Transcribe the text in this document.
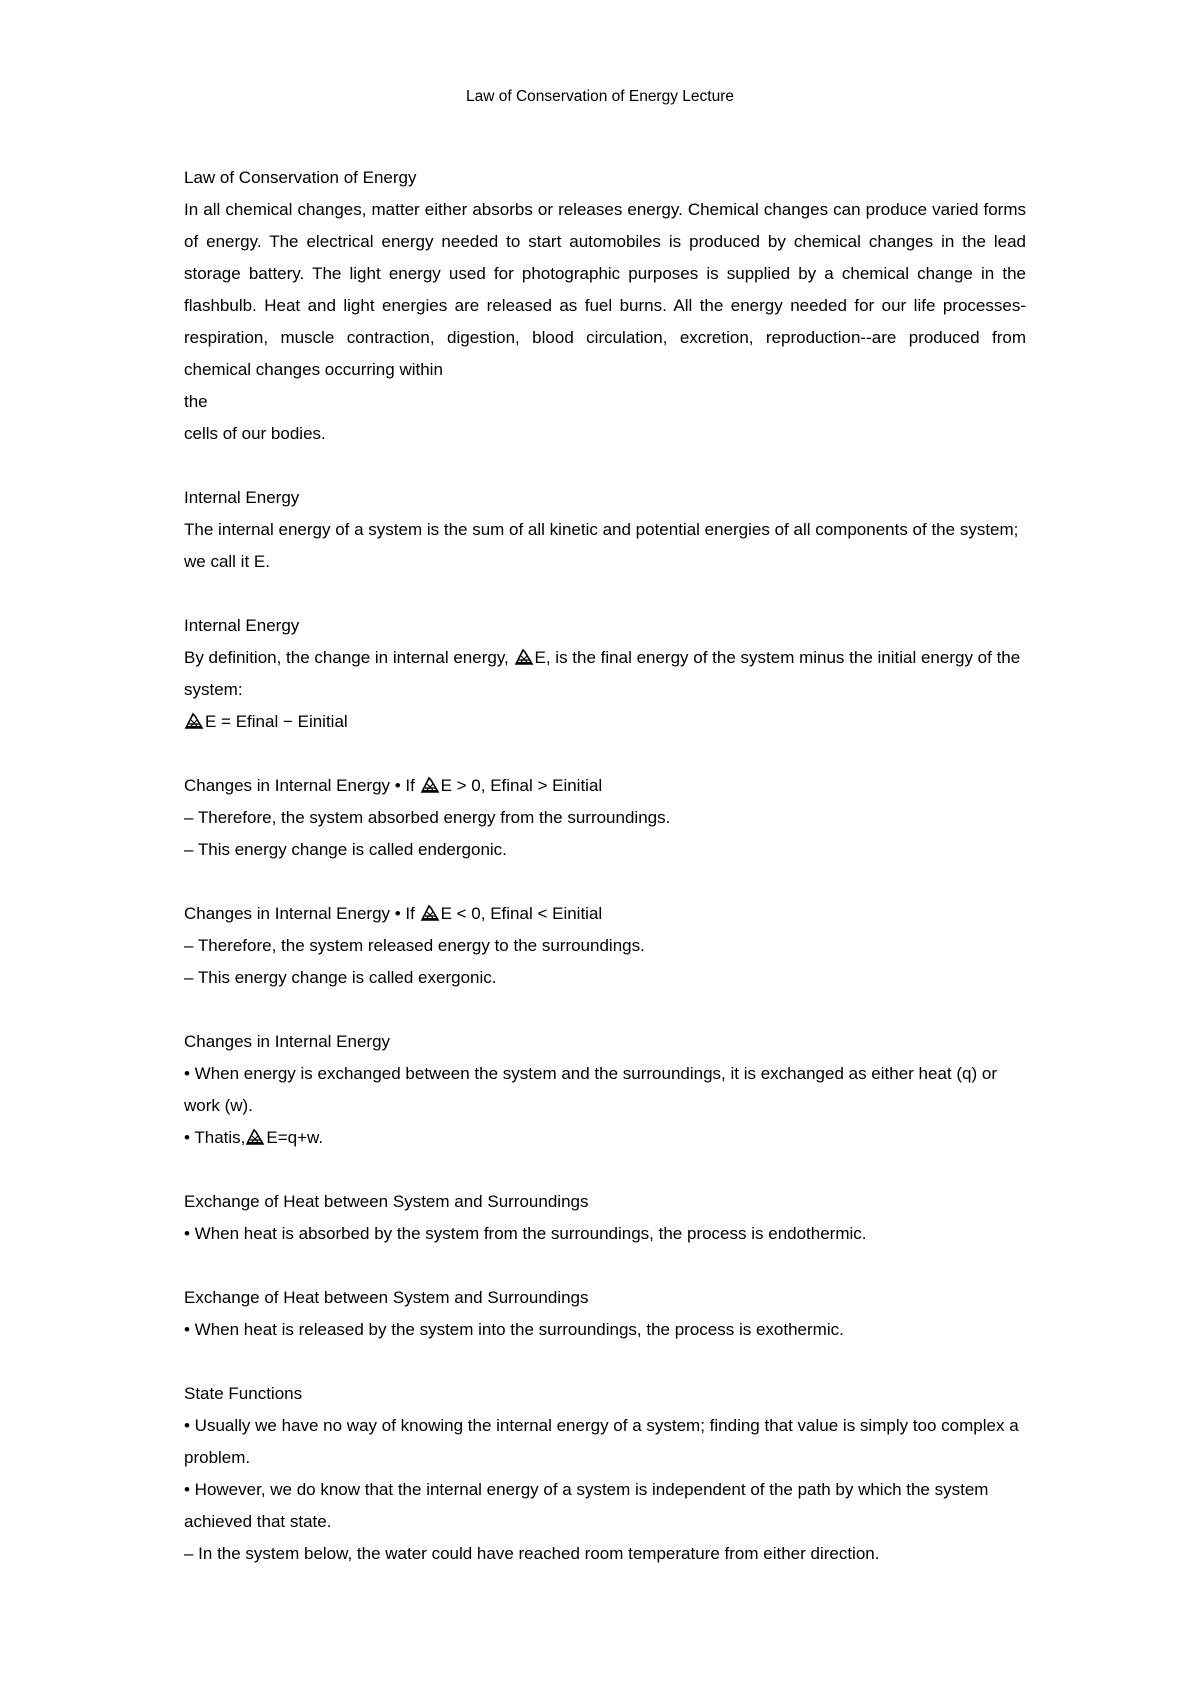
Law of Conservation of Energy Lecture

Law of Conservation of Energy

In all chemical changes, matter either absorbs or releases energy. Chemical changes can produce varied forms of energy. The electrical energy needed to start automobiles is produced by chemical changes in the lead storage battery. The light energy used for photographic purposes is supplied by a chemical change in the flashbulb. Heat and light energies are released as fuel burns. All the energy needed for our life processes- respiration, muscle contraction, digestion, blood circulation, excretion, reproduction--are produced from chemical changes occurring within

the

cells of our bodies.

Internal Energy

The internal energy of a system is the sum of all kinetic and potential energies of all components of the system; we call it E.

Internal Energy

By definition, the change in internal energy,
E, is the final energy of the system minus the initial energy of the system:

E = Efinal − Einitial

Changes in Internal Energy • If
E > 0, Efinal > Einitial

– Therefore, the system absorbed energy from the surroundings.

– This energy change is called endergonic.

Changes in Internal Energy • If
E < 0, Efinal < Einitial

– Therefore, the system released energy to the surroundings.

– This energy change is called exergonic.

Changes in Internal Energy

• When energy is exchanged between the system and the surroundings, it is exchanged as either heat (q) or work (w).

• Thatis, E=q+w.

Exchange of Heat between System and Surroundings

• When heat is absorbed by the system from the surroundings, the process is endothermic.

Exchange of Heat between System and Surroundings

• When heat is released by the system into the surroundings, the process is exothermic.

State Functions

• Usually we have no way of knowing the internal energy of a system; finding that value is simply too complex a problem.

• However, we do know that the internal energy of a system is independent of the path by which the system achieved that state.

– In the system below, the water could have reached room temperature from either direction.
